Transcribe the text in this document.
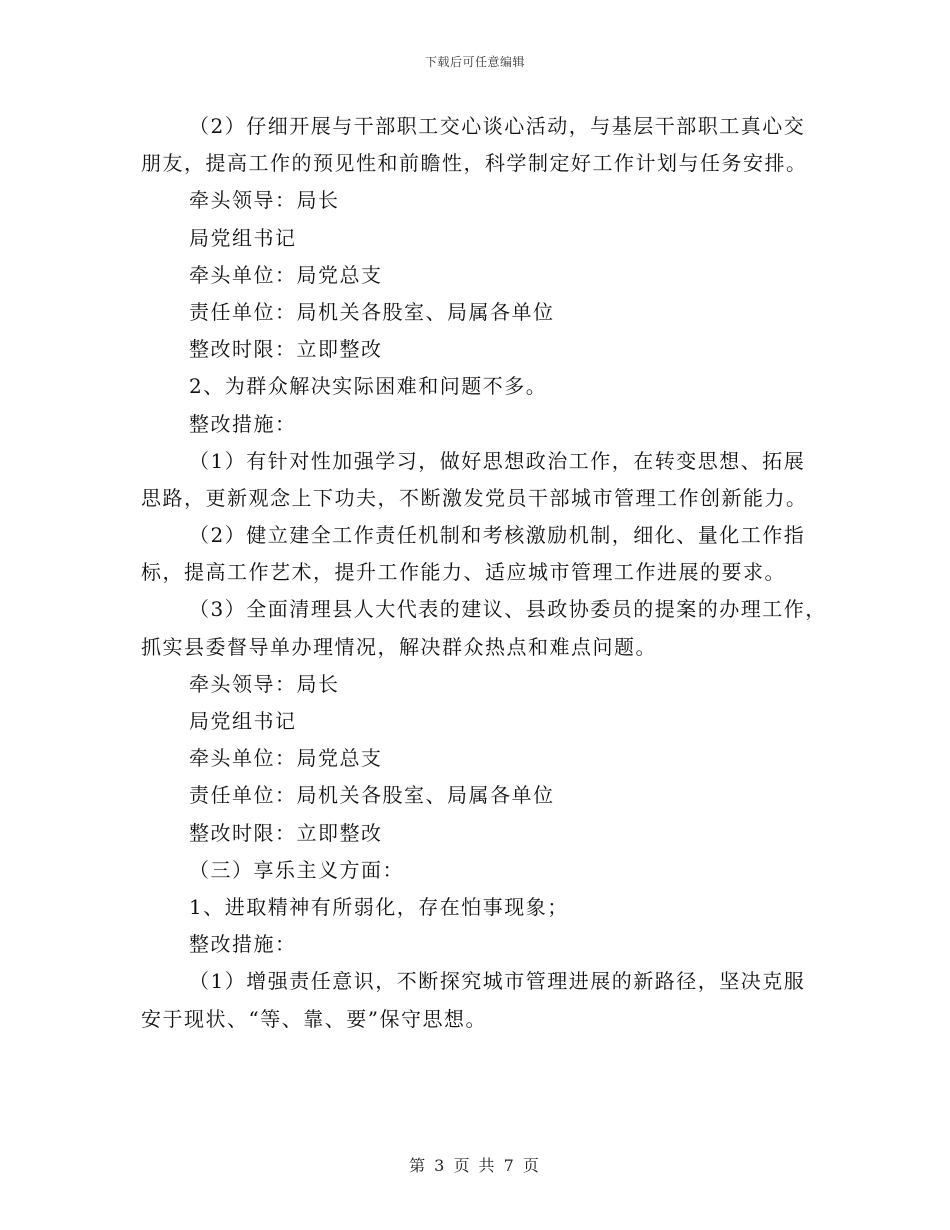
下载后可任意编辑
（2）仔细开展与干部职工交心谈心活动，与基层干部职工真心交
朋友，提高工作的预见性和前瞻性，科学制定好工作计划与任务安排。
牵头领导：局长
局党组书记
牵头单位：局党总支
责任单位：局机关各股室、局属各单位
整改时限：立即整改
2、为群众解决实际困难和问题不多。
整改措施：
（1）有针对性加强学习，做好思想政治工作，在转变思想、拓展
思路，更新观念上下功夫，不断激发党员干部城市管理工作创新能力。
（2）健立建全工作责任机制和考核激励机制，细化、量化工作指
标，提高工作艺术，提升工作能力、适应城市管理工作进展的要求。
（3）全面清理县人大代表的建议、县政协委员的提案的办理工作，
抓实县委督导单办理情况，解决群众热点和难点问题。
牵头领导：局长
局党组书记
牵头单位：局党总支
责任单位：局机关各股室、局属各单位
整改时限：立即整改
（三）享乐主义方面：
1、进取精神有所弱化，存在怕事现象；
整改措施：
（1）增强责任意识，不断探究城市管理进展的新路径，坚决克服
安于现状、“等、靠、要”保守思想。
第 3 页 共 7 页
